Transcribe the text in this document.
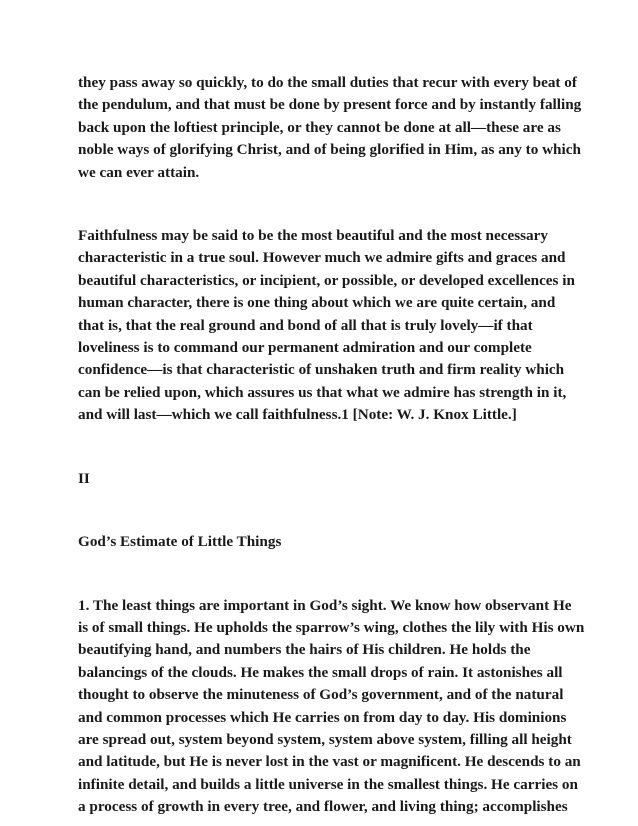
they pass away so quickly, to do the small duties that recur with every beat of
the pendulum, and that must be done by present force and by instantly falling
back upon the loftiest principle, or they cannot be done at all—these are as
noble ways of glorifying Christ, and of being glorified in Him, as any to which
we can ever attain.
Faithfulness may be said to be the most beautiful and the most necessary
characteristic in a true soul. However much we admire gifts and graces and
beautiful characteristics, or incipient, or possible, or developed excellences in
human character, there is one thing about which we are quite certain, and
that is, that the real ground and bond of all that is truly lovely—if that
loveliness is to command our permanent admiration and our complete
confidence—is that characteristic of unshaken truth and firm reality which
can be relied upon, which assures us that what we admire has strength in it,
and will last—which we call faithfulness.1 [Note: W. J. Knox Little.]
II
God’s Estimate of Little Things
1. The least things are important in God’s sight. We know how observant He
is of small things. He upholds the sparrow’s wing, clothes the lily with His own
beautifying hand, and numbers the hairs of His children. He holds the
balancings of the clouds. He makes the small drops of rain. It astonishes all
thought to observe the minuteness of God’s government, and of the natural
and common processes which He carries on from day to day. His dominions
are spread out, system beyond system, system above system, filling all height
and latitude, but He is never lost in the vast or magnificent. He descends to an
infinite detail, and builds a little universe in the smallest things. He carries on
a process of growth in every tree, and flower, and living thing; accomplishes
